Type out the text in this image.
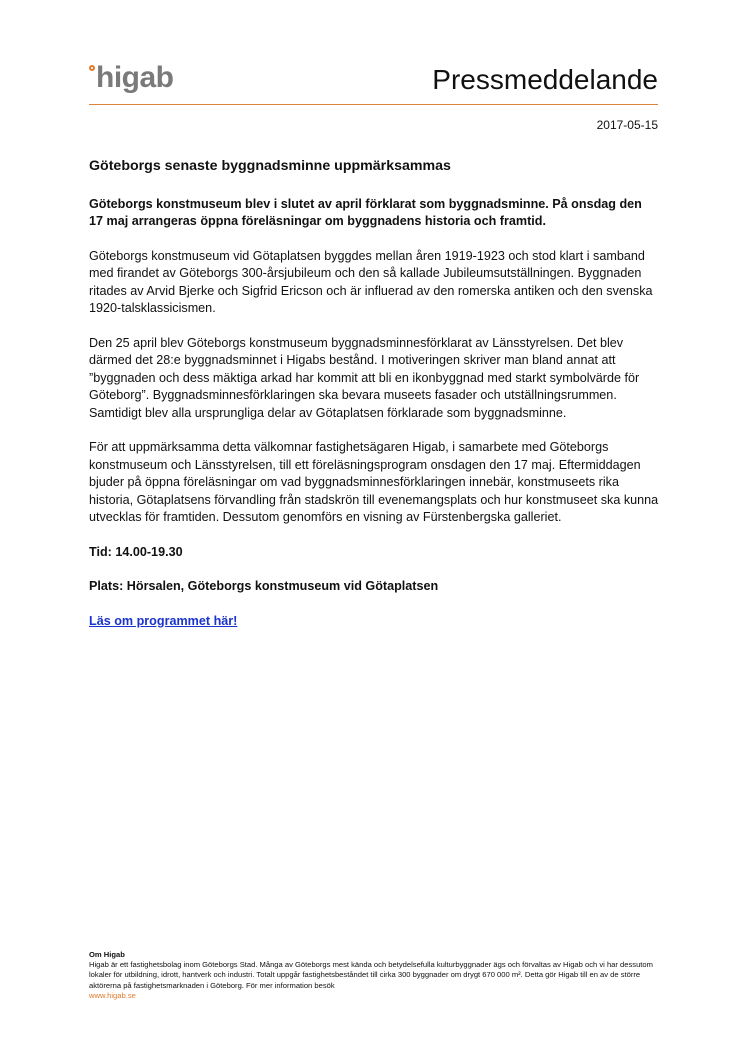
higab	Pressmeddelande
2017-05-15
Göteborgs senaste byggnadsminne uppmärksammas
Göteborgs konstmuseum blev i slutet av april förklarat som byggnadsminne. På onsdag den 17 maj arrangeras öppna föreläsningar om byggnadens historia och framtid.

Göteborgs konstmuseum vid Götaplatsen byggdes mellan åren 1919-1923 och stod klart i samband med firandet av Göteborgs 300-årsjubileum och den så kallade Jubileumsutställningen. Byggnaden ritades av Arvid Bjerke och Sigfrid Ericson och är influerad av den romerska antiken och den svenska 1920-talsklassicismen.

Den 25 april blev Göteborgs konstmuseum byggnadsminnesförklarat av Länsstyrelsen. Det blev därmed det 28:e byggnadsminnet i Higabs bestånd. I motiveringen skriver man bland annat att ”byggnaden och dess mäktiga arkad har kommit att bli en ikonbyggnad med starkt symbolvärde för Göteborg”. Byggnadsminnesförklaringen ska bevara museets fasader och utställningsrummen. Samtidigt blev alla ursprungliga delar av Götaplatsen förklarade som byggnadsminne.

För att uppmärksamma detta välkomnar fastighetsägaren Higab, i samarbete med Göteborgs konstmuseum och Länsstyrelsen, till ett föreläsningsprogram onsdagen den 17 maj. Eftermiddagen bjuder på öppna föreläsningar om vad byggnadsminnesförklaringen innebär, konstmuseets rika historia, Götaplatsens förvandling från stadskrön till evenemangsplats och hur konstmuseet ska kunna utvecklas för framtiden. Dessutom genomförs en visning av Fürstenbergska galleriet.

Tid: 14.00-19.30

Plats: Hörsalen, Göteborgs konstmuseum vid Götaplatsen

Läs om programmet här!

Om Higab
Higab är ett fastighetsbolag inom Göteborgs Stad. Många av Göteborgs mest kända och betydelsefulla kulturbyggnader ägs och förvaltas av Higab och vi har dessutom lokaler för utbildning, idrott, hantverk och industri. Totalt uppgår fastighetsbeståndet till cirka 300 byggnader om drygt 670 000 m². Detta gör Higab till en av de större aktörerna på fastighetsmarknaden i Göteborg. För mer information besök
www.higab.se
